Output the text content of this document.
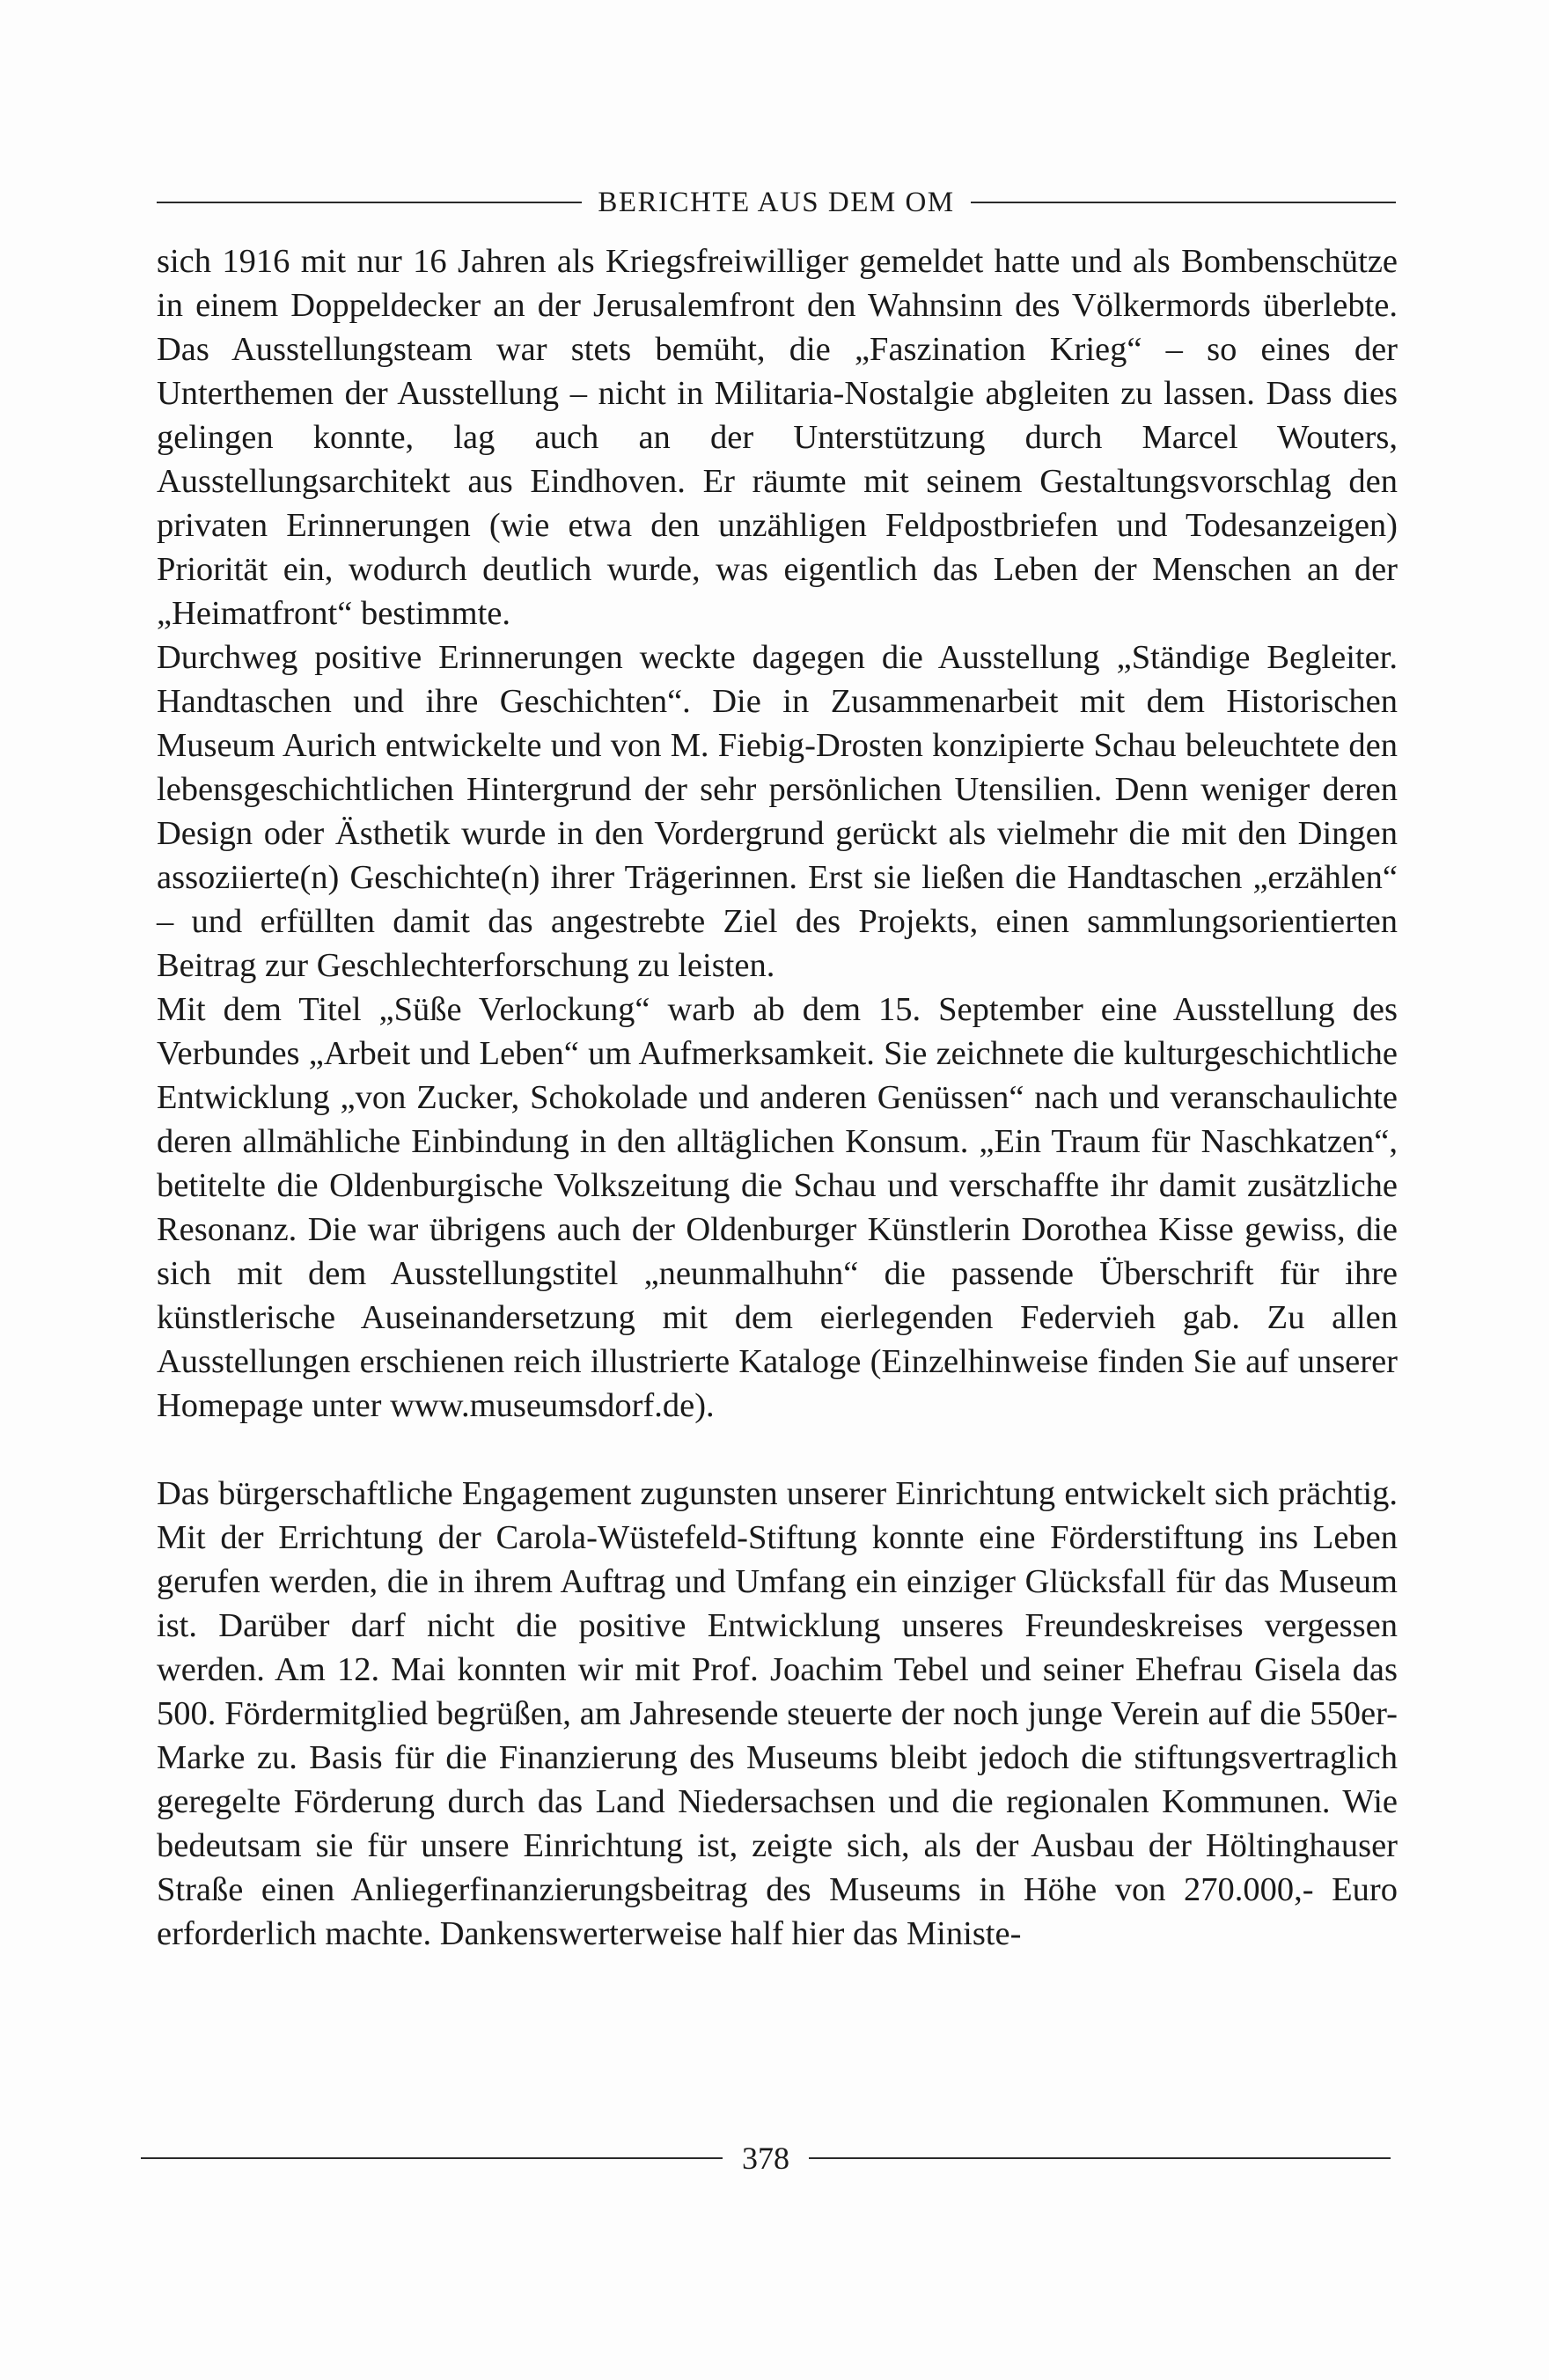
BERICHTE AUS DEM OM

sich 1916 mit nur 16 Jahren als Kriegsfreiwilliger gemeldet hatte und als Bombenschütze in einem Doppeldecker an der Jerusalemfront den Wahnsinn des Völkermords überlebte. Das Ausstellungsteam war stets bemüht, die „Faszination Krieg“ – so eines der Unterthemen der Ausstellung – nicht in Militaria-Nostalgie abgleiten zu lassen. Dass dies gelingen konnte, lag auch an der Unterstützung durch Marcel Wouters, Ausstellungsarchitekt aus Eindhoven. Er räumte mit seinem Gestaltungsvorschlag den privaten Erinnerungen (wie etwa den unzähligen Feldpostbriefen und Todesanzeigen) Priorität ein, wodurch deutlich wurde, was eigentlich das Leben der Menschen an der „Heimatfront“ bestimmte.

Durchweg positive Erinnerungen weckte dagegen die Ausstellung „Ständige Begleiter. Handtaschen und ihre Geschichten“. Die in Zusammenarbeit mit dem Historischen Museum Aurich entwickelte und von M. Fiebig-Drosten konzipierte Schau beleuchtete den lebensgeschichtlichen Hintergrund der sehr persönlichen Utensilien. Denn weniger deren Design oder Ästhetik wurde in den Vordergrund gerückt als vielmehr die mit den Dingen assoziierte(n) Geschichte(n) ihrer Trägerinnen. Erst sie ließen die Handtaschen „erzählen“ – und erfüllten damit das angestrebte Ziel des Projekts, einen sammlungsorientierten Beitrag zur Geschlechterforschung zu leisten.

Mit dem Titel „Süße Verlockung“ warb ab dem 15. September eine Ausstellung des Verbundes „Arbeit und Leben“ um Aufmerksamkeit. Sie zeichnete die kulturgeschichtliche Entwicklung „von Zucker, Schokolade und anderen Genüssen“ nach und veranschaulichte deren allmähliche Einbindung in den alltäglichen Konsum. „Ein Traum für Naschkatzen“, betitelte die Oldenburgische Volkszeitung die Schau und verschaffte ihr damit zusätzliche Resonanz. Die war übrigens auch der Oldenburger Künstlerin Dorothea Kisse gewiss, die sich mit dem Ausstellungstitel „neunmalhuhn“ die passende Überschrift für ihre künstlerische Auseinandersetzung mit dem eierlegenden Federvieh gab. Zu allen Ausstellungen erschienen reich illustrierte Kataloge (Einzelhinweise finden Sie auf unserer Homepage unter www.museumsdorf.de).

Das bürgerschaftliche Engagement zugunsten unserer Einrichtung entwickelt sich prächtig. Mit der Errichtung der Carola-Wüstefeld-Stiftung konnte eine Förderstiftung ins Leben gerufen werden, die in ihrem Auftrag und Umfang ein einziger Glücksfall für das Museum ist. Darüber darf nicht die positive Entwicklung unseres Freundeskreises vergessen werden. Am 12. Mai konnten wir mit Prof. Joachim Tebel und seiner Ehefrau Gisela das 500. Fördermitglied begrüßen, am Jahresende steuerte der noch junge Verein auf die 550er-Marke zu. Basis für die Finanzierung des Museums bleibt jedoch die stiftungsvertraglich geregelte Förderung durch das Land Niedersachsen und die regionalen Kommunen. Wie bedeutsam sie für unsere Einrichtung ist, zeigte sich, als der Ausbau der Höltinghauser Straße einen Anliegerfinanzierungsbeitrag des Museums in Höhe von 270.000,- Euro erforderlich machte. Dankenswerterweise half hier das Ministe-

378
